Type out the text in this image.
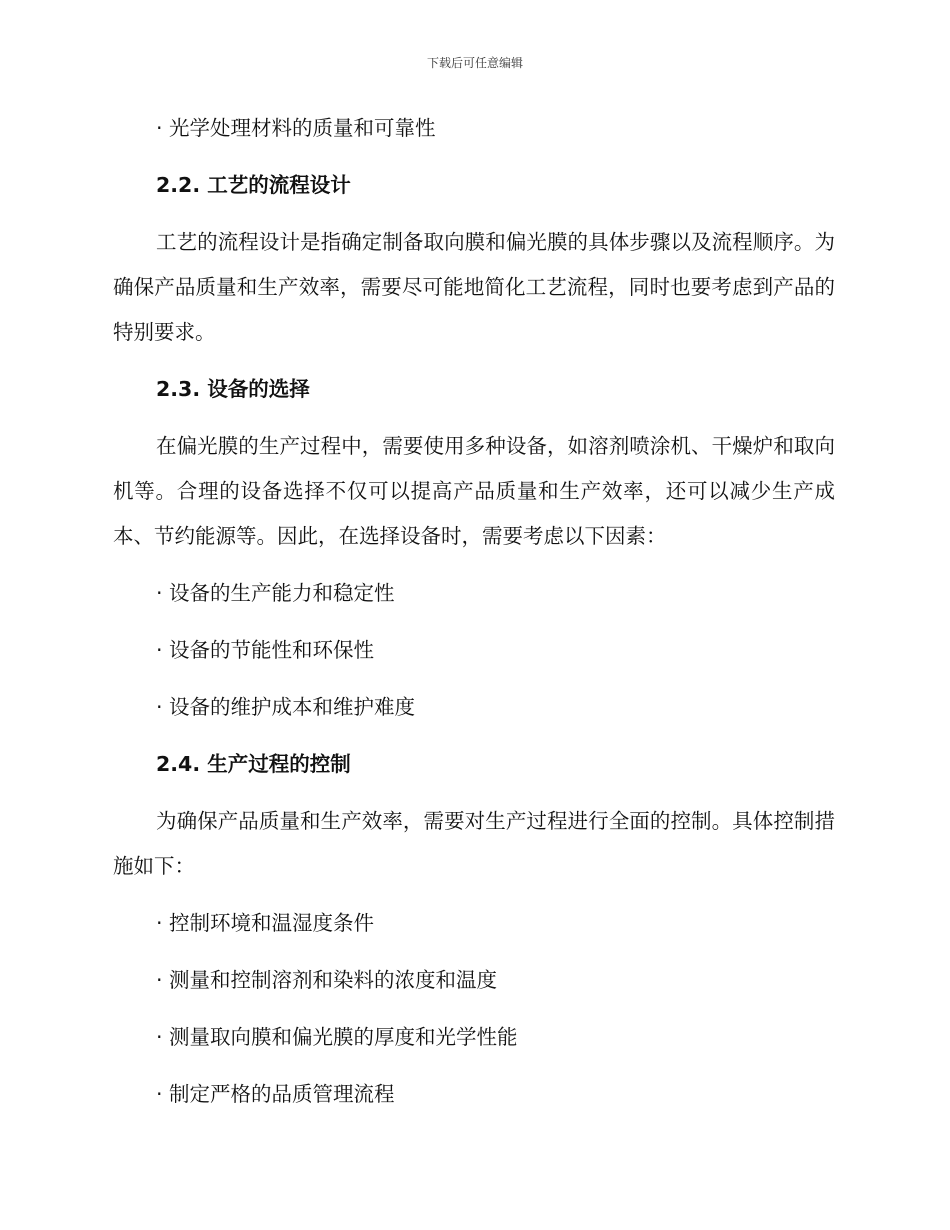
下载后可任意编辑

· 光学处理材料的质量和可靠性

2.2. 工艺的流程设计

工艺的流程设计是指确定制备取向膜和偏光膜的具体步骤以及流程顺序。为确保产品质量和生产效率，需要尽可能地简化工艺流程，同时也要考虑到产品的特别要求。

2.3. 设备的选择

在偏光膜的生产过程中，需要使用多种设备，如溶剂喷涂机、干燥炉和取向机等。合理的设备选择不仅可以提高产品质量和生产效率，还可以减少生产成本、节约能源等。因此，在选择设备时，需要考虑以下因素：

· 设备的生产能力和稳定性

· 设备的节能性和环保性

· 设备的维护成本和维护难度

2.4. 生产过程的控制

为确保产品质量和生产效率，需要对生产过程进行全面的控制。具体控制措施如下：

· 控制环境和温湿度条件

· 测量和控制溶剂和染料的浓度和温度

· 测量取向膜和偏光膜的厚度和光学性能

· 制定严格的品质管理流程
